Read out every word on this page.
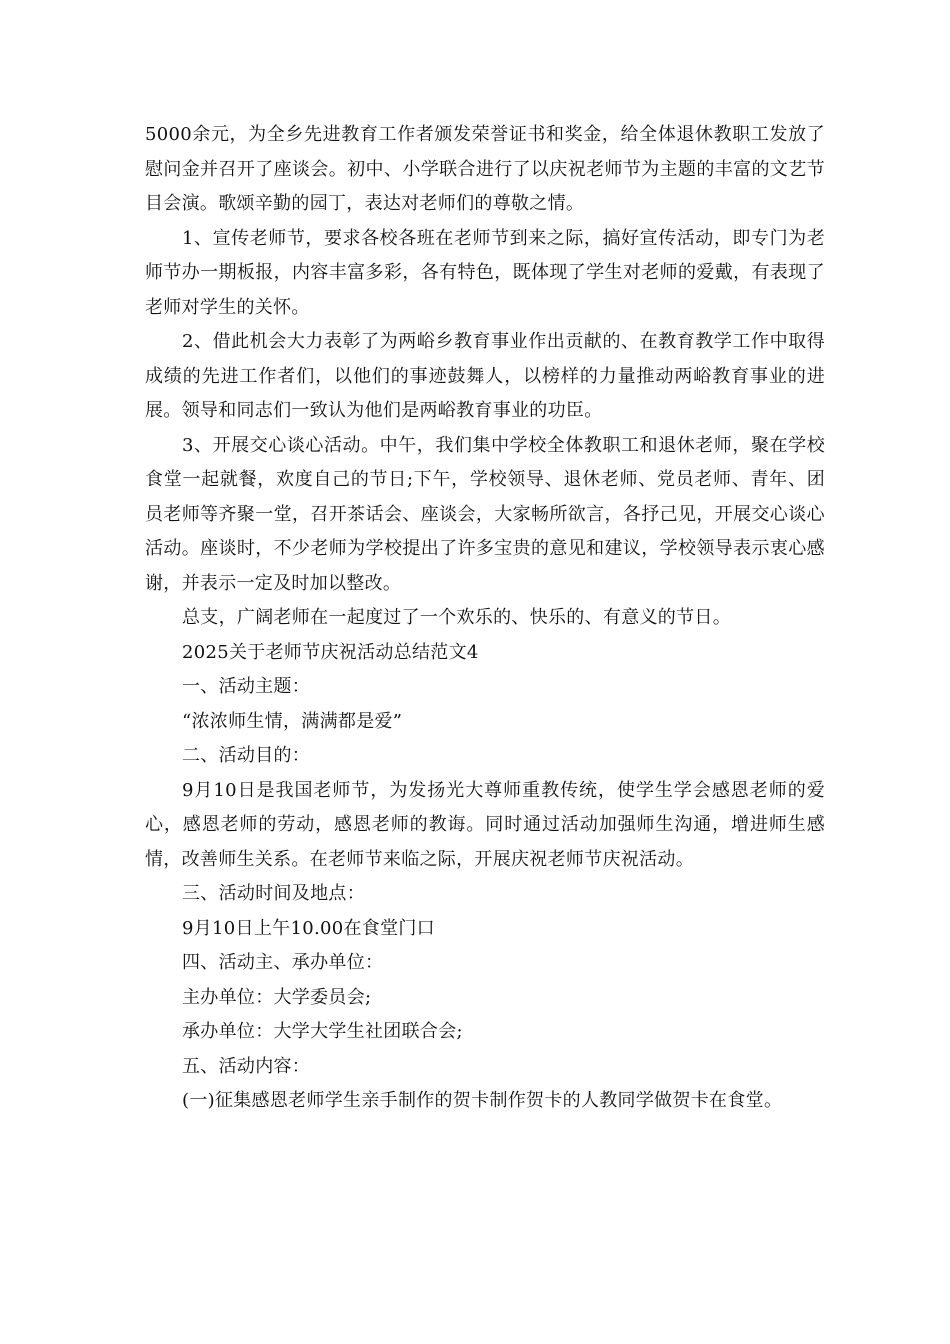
5000余元，为全乡先进教育工作者颁发荣誉证书和奖金，给全体退休教职工发放了慰问金并召开了座谈会。初中、小学联合进行了以庆祝老师节为主题的丰富的文艺节目会演。歌颂辛勤的园丁，表达对老师们的尊敬之情。

1、宣传老师节，要求各校各班在老师节到来之际，搞好宣传活动，即专门为老师节办一期板报，内容丰富多彩，各有特色，既体现了学生对老师的爱戴，有表现了老师对学生的关怀。

2、借此机会大力表彰了为两峪乡教育事业作出贡献的、在教育教学工作中取得成绩的先进工作者们，以他们的事迹鼓舞人，以榜样的力量推动两峪教育事业的进展。领导和同志们一致认为他们是两峪教育事业的功臣。

3、开展交心谈心活动。中午，我们集中学校全体教职工和退休老师，聚在学校食堂一起就餐，欢度自己的节日;下午，学校领导、退休老师、党员老师、青年、团员老师等齐聚一堂，召开茶话会、座谈会，大家畅所欲言，各抒己见，开展交心谈心活动。座谈时，不少老师为学校提出了许多宝贵的意见和建议，学校领导表示衷心感谢，并表示一定及时加以整改。

总支，广阔老师在一起度过了一个欢乐的、快乐的、有意义的节日。

2025关于老师节庆祝活动总结范文4

一、活动主题：

“浓浓师生情，满满都是爱”

二、活动目的：

9月10日是我国老师节，为发扬光大尊师重教传统，使学生学会感恩老师的爱心，感恩老师的劳动，感恩老师的教诲。同时通过活动加强师生沟通，增进师生感情，改善师生关系。在老师节来临之际，开展庆祝老师节庆祝活动。

三、活动时间及地点：

9月10日上午10.00在食堂门口

四、活动主、承办单位：

主办单位：大学委员会;

承办单位：大学大学生社团联合会;

五、活动内容：

(一)征集感恩老师学生亲手制作的贺卡制作贺卡的人教同学做贺卡在食堂。
